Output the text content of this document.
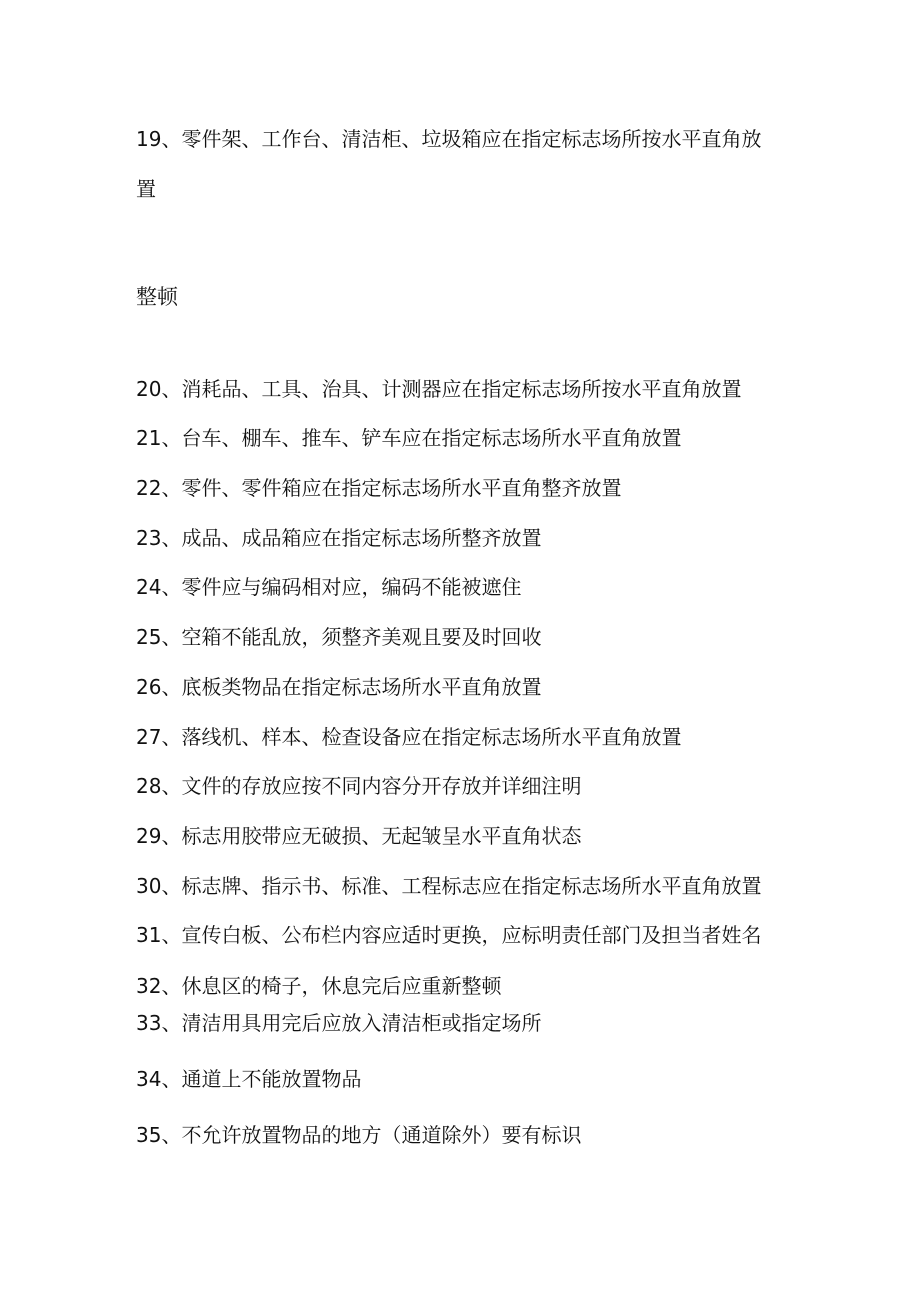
19、零件架、工作台、清洁柜、垃圾箱应在指定标志场所按水平直角放
置
整顿
20、消耗品、工具、治具、计测器应在指定标志场所按水平直角放置
21、台车、棚车、推车、铲车应在指定标志场所水平直角放置
22、零件、零件箱应在指定标志场所水平直角整齐放置
23、成品、成品箱应在指定标志场所整齐放置
24、零件应与编码相对应，编码不能被遮住
25、空箱不能乱放，须整齐美观且要及时回收
26、底板类物品在指定标志场所水平直角放置
27、落线机、样本、检查设备应在指定标志场所水平直角放置
28、文件的存放应按不同内容分开存放并详细注明
29、标志用胶带应无破损、无起皱呈水平直角状态
30、标志牌、指示书、标准、工程标志应在指定标志场所水平直角放置
31、宣传白板、公布栏内容应适时更换，应标明责任部门及担当者姓名
32、休息区的椅子，休息完后应重新整顿
33、清洁用具用完后应放入清洁柜或指定场所
34、通道上不能放置物品
35、不允许放置物品的地方（通道除外）要有标识
